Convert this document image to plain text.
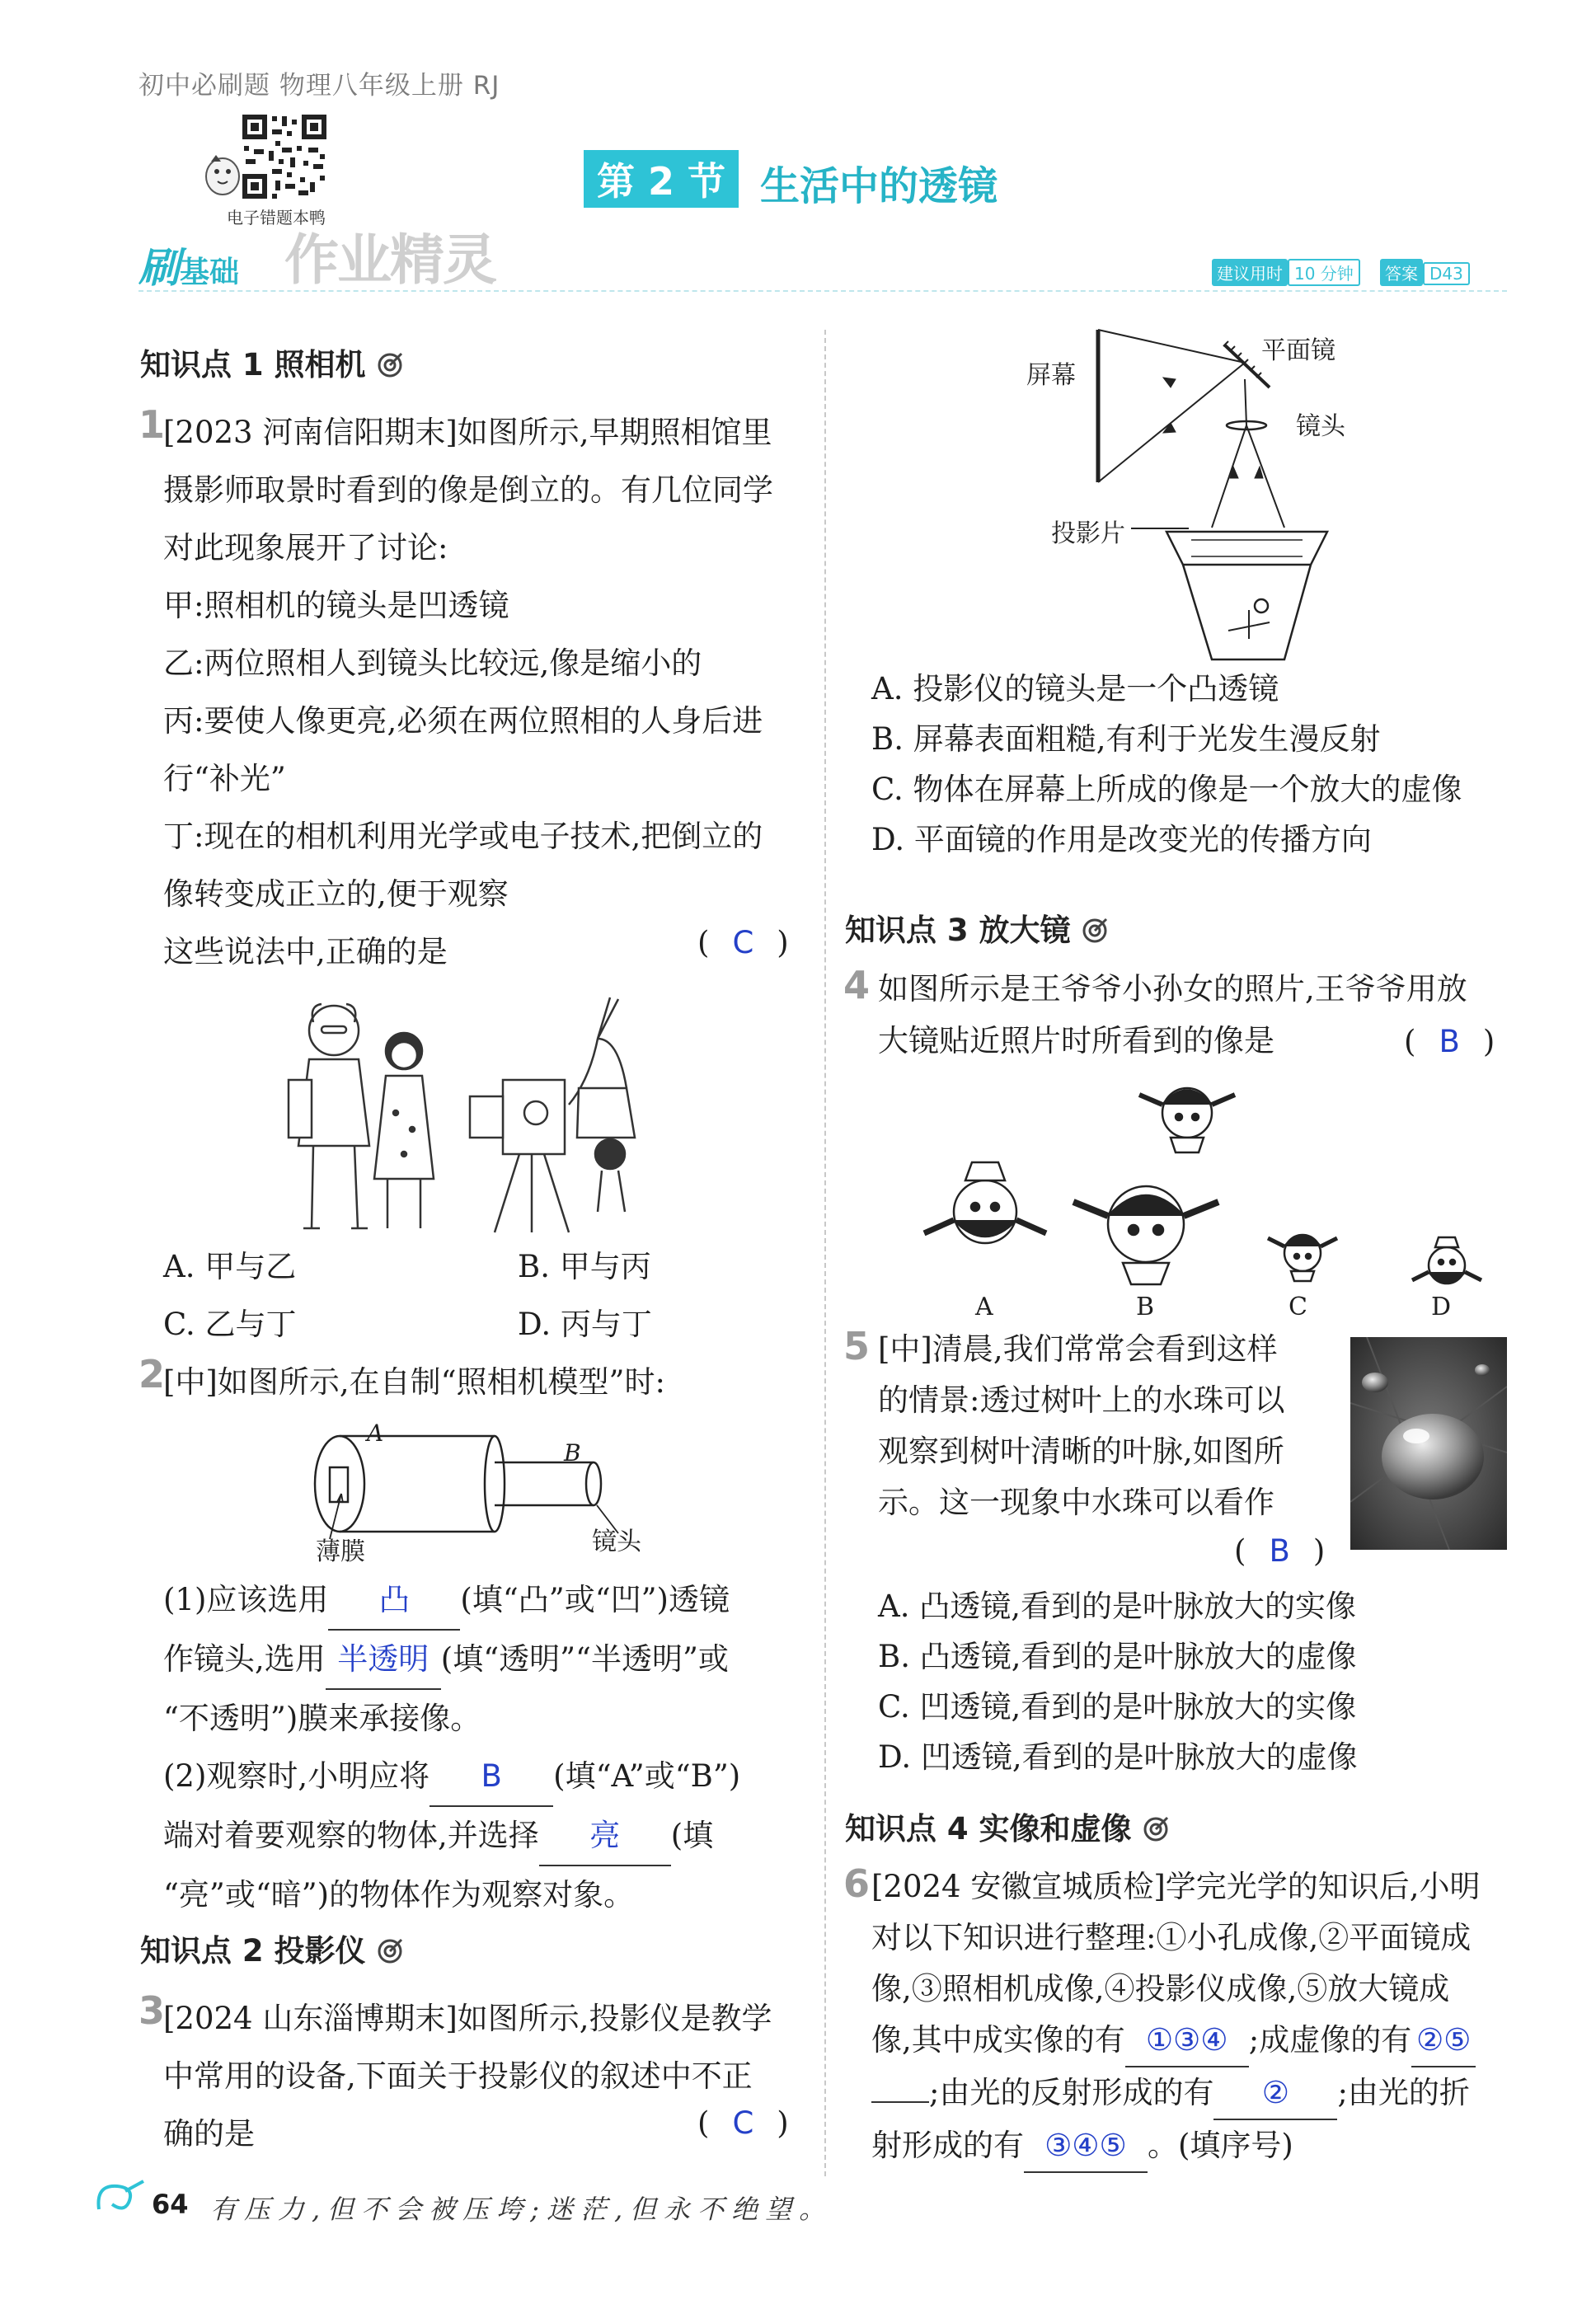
初中必刷题 物理八年级上册 RJ
电子错题本鸭
刷基础 作业精灵
第 2 节 生活中的透镜
建议用时 10 分钟 答案 D43
知识点 1 照相机
1
[2023 河南信阳期末]如图所示,早期照相馆里
摄影师取景时看到的像是倒立的。有几位同学
对此现象展开了讨论:
甲:照相机的镜头是凹透镜
乙:两位照相人到镜头比较远,像是缩小的
丙:要使人像更亮,必须在两位照相的人身后进
行“补光”
丁:现在的相机利用光学或电子技术,把倒立的
像转变成正立的,便于观察
这些说法中,正确的是	( C )
A. 甲与乙	B. 甲与丙
C. 乙与丁	D. 丙与丁
2
[中]如图所示,在自制“照相机模型”时:
A
B
薄膜	镜头
(1)应该选用 凸 (填“凸”或“凹”)透镜
作镜头,选用 半透明 (填“透明”“半透明”或
“不透明”)膜来承接像。
(2)观察时,小明应将 B (填“A”或“B”)
端对着要观察的物体,并选择 亮 (填
“亮”或“暗”)的物体作为观察对象。
知识点 2 投影仪
3
[2024 山东淄博期末]如图所示,投影仪是教学
中常用的设备,下面关于投影仪的叙述中不正
确的是	( C )
64 有压力,但不会被压垮;迷茫,但永不绝望。
屏幕
平面镜
镜头
投影片
A. 投影仪的镜头是一个凸透镜
B. 屏幕表面粗糙,有利于光发生漫反射
C. 物体在屏幕上所成的像是一个放大的虚像
D. 平面镜的作用是改变光的传播方向
知识点 3 放大镜
4 如图所示是王爷爷小孙女的照片,王爷爷用放
大镜贴近照片时所看到的像是	( B )
A	B	C	D
5 [中]清晨,我们常常会看到这样
的情景:透过树叶上的水珠可以
观察到树叶清晰的叶脉,如图所
示。这一现象中水珠可以看作
( B )
A. 凸透镜,看到的是叶脉放大的实像
B. 凸透镜,看到的是叶脉放大的虚像
C. 凹透镜,看到的是叶脉放大的实像
D. 凹透镜,看到的是叶脉放大的虚像
知识点 4 实像和虚像
6 [2024 安徽宣城质检]学完光学的知识后,小明
对以下知识进行整理:①小孔成像,②平面镜成
像,③照相机成像,④投影仪成像,⑤放大镜成
像,其中成实像的有 ①③④ ;成虚像的有 ②⑤
;由光的反射形成的有 ② ;由光的折
射形成的有 ③④⑤ 。(填序号)
